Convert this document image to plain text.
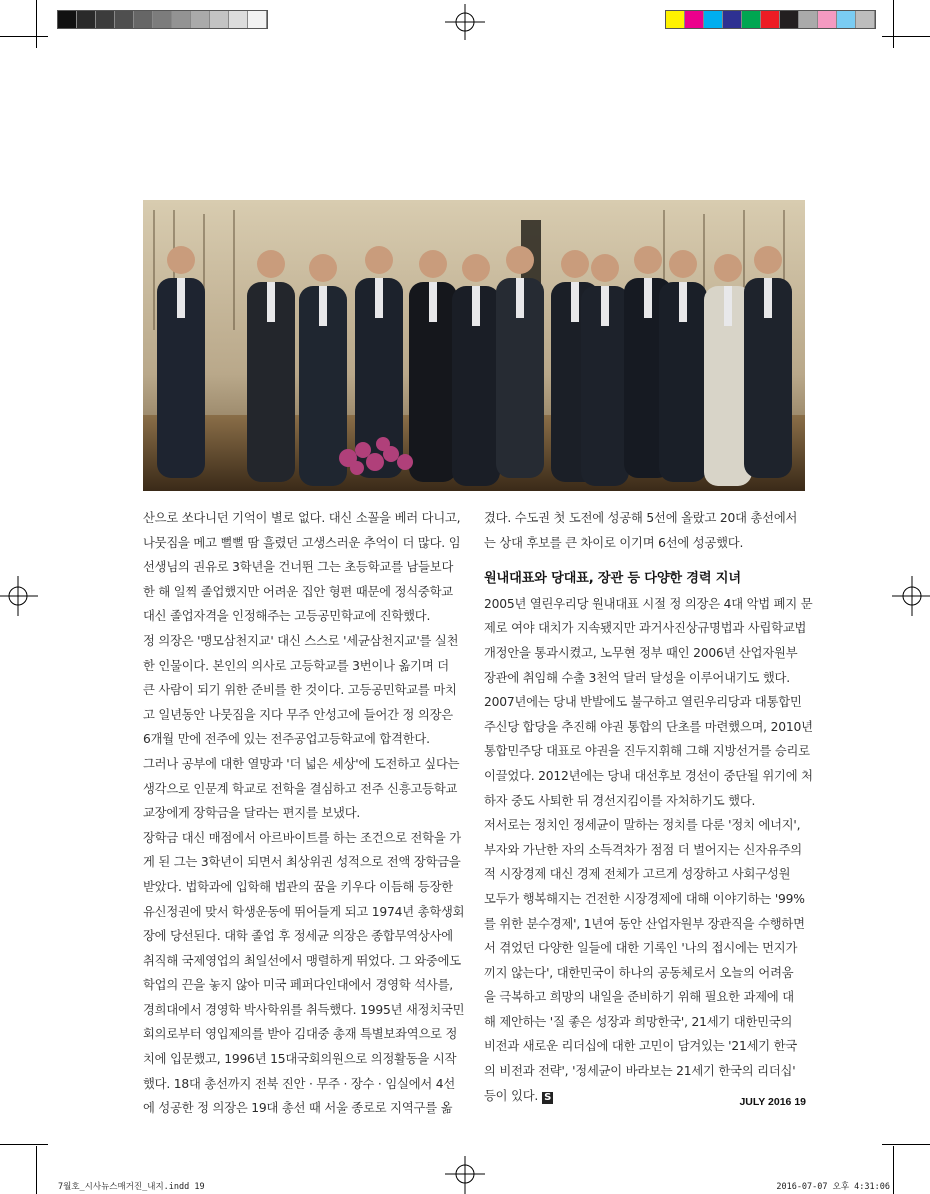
산으로 쏘다니던 기억이 별로 없다. 대신 소꼴을 베러 다니고,

나뭇짐을 메고 뻘뻘 땀 흘렸던 고생스러운 추억이 더 많다. 임

선생님의 권유로 3학년을 건너뛴 그는 초등학교를 남들보다

한 해 일찍 졸업했지만 어려운 집안 형편 때문에 정식중학교

대신 졸업자격을 인정해주는 고등공민학교에 진학했다.

정 의장은 '맹모삼천지교' 대신 스스로 '세균삼천지교'를 실천

한 인물이다. 본인의 의사로 고등학교를 3번이나 옮기며 더

큰 사람이 되기 위한 준비를 한 것이다. 고등공민학교를 마치

고 일년동안 나뭇짐을 지다 무주 안성고에 들어간 정 의장은

6개월 만에 전주에 있는 전주공업고등학교에 합격한다.

그러나 공부에 대한 열망과 '더 넓은 세상'에 도전하고 싶다는

생각으로 인문계 학교로 전학을 결심하고 전주 신흥고등학교

교장에게 장학금을 달라는 편지를 보냈다.

장학금 대신 매점에서 아르바이트를 하는 조건으로 전학을 가

게 된 그는 3학년이 되면서 최상위권 성적으로 전액 장학금을

받았다. 법학과에 입학해 법관의 꿈을 키우다 이듬해 등장한

유신정권에 맞서 학생운동에 뛰어들게 되고 1974년 총학생회

장에 당선된다. 대학 졸업 후 정세균 의장은 종합무역상사에

취직해 국제영업의 최일선에서 맹렬하게 뛰었다. 그 와중에도

학업의 끈을 놓지 않아 미국 페퍼다인대에서 경영학 석사를,

경희대에서 경영학 박사학위를 취득했다. 1995년 새정치국민

회의로부터 영입제의를 받아 김대중 총재 특별보좌역으로 정

치에 입문했고, 1996년 15대국회의원으로 의정활동을 시작

했다. 18대 총선까지 전북 진안 · 무주 · 장수 · 임실에서 4선

에 성공한 정 의장은 19대 총선 때 서울 종로로 지역구를 옮

겼다. 수도권 첫 도전에 성공해 5선에 올랐고 20대 총선에서

는 상대 후보를 큰 차이로 이기며 6선에 성공했다.

원내대표와 당대표, 장관 등 다양한 경력 지녀

2005년 열린우리당 원내대표 시절 정 의장은 4대 악법 폐지 문

제로 여야 대치가 지속됐지만 과거사진상규명법과 사립학교법

개정안을 통과시켰고, 노무현 정부 때인 2006년 산업자원부

장관에 취임해 수출 3천억 달러 달성을 이루어내기도 했다.

2007년에는 당내 반발에도 불구하고 열린우리당과 대통합민

주신당 합당을 추진해 야권 통합의 단초를 마련했으며, 2010년

통합민주당 대표로 야권을 진두지휘해 그해 지방선거를 승리로

이끌었다. 2012년에는 당내 대선후보 경선이 중단될 위기에 처

하자 중도 사퇴한 뒤 경선지킴이를 자처하기도 했다.

저서로는 정치인 정세균이 말하는 정치를 다룬 '정치 에너지',

부자와 가난한 자의 소득격차가 점점 더 벌어지는 신자유주의

적 시장경제 대신 경제 전체가 고르게 성장하고 사회구성원

모두가 행복해지는 건전한 시장경제에 대해 이야기하는 '99%

를 위한 분수경제', 1년여 동안 산업자원부 장관직을 수행하면

서 겪었던 다양한 일들에 대한 기록인 '나의 접시에는 먼지가

끼지 않는다', 대한민국이 하나의 공동체로서 오늘의 어려움

을 극복하고 희망의 내일을 준비하기 위해 필요한 과제에 대

해 제안하는 '질 좋은 성장과 희망한국', 21세기 대한민국의

비전과 새로운 리더십에 대한 고민이 담겨있는 '21세기 한국

의 비전과 전략', '정세균이 바라보는 21세기 한국의 리더십'

등이 있다.S	JULY 2016 19
7월호_시사뉴스매거진_내지.indd 19	2016-07-07 오후 4:31:06
